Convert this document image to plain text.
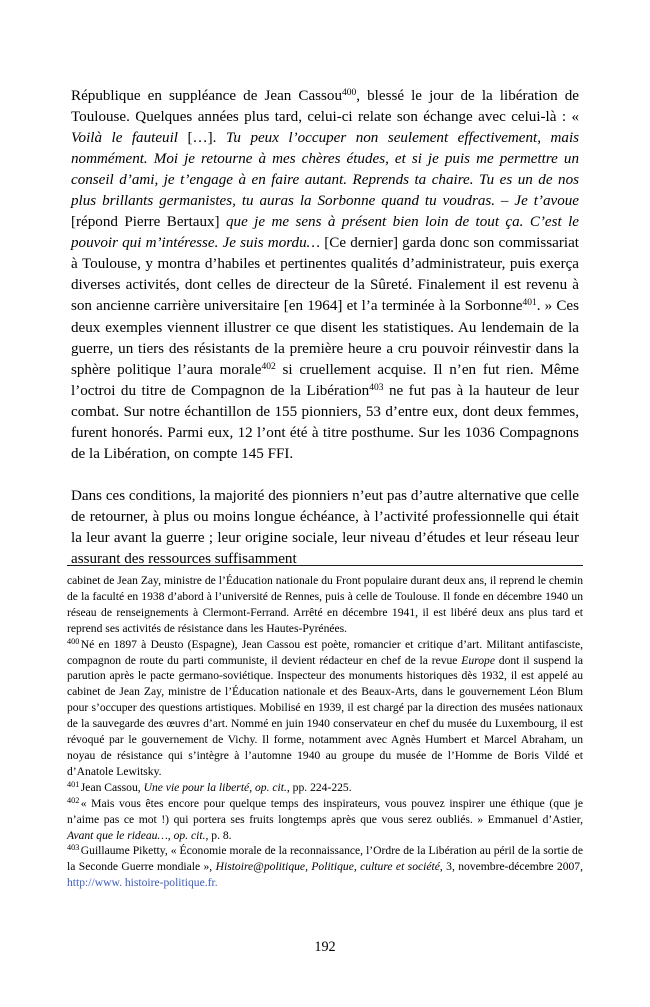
République en suppléance de Jean Cassou$^{400}$, blessé le jour de la libération de Toulouse. Quelques années plus tard, celui-ci relate son échange avec celui-là : « Voilà le fauteuil […]. Tu peux l’occuper non seulement effectivement, mais nommément. Moi je retourne à mes chères études, et si je puis me permettre un conseil d’ami, je t’engage à en faire autant. Reprends ta chaire. Tu es un de nos plus brillants germanistes, tu auras la Sorbonne quand tu voudras. – Je t’avoue [répond Pierre Bertaux] que je me sens à présent bien loin de tout ça. C’est le pouvoir qui m’intéresse. Je suis mordu… [Ce dernier] garda donc son commissariat à Toulouse, y montra d’habiles et pertinentes qualités d’administrateur, puis exerça diverses activités, dont celles de directeur de la Sûreté. Finalement il est revenu à son ancienne carrière universitaire [en 1964] et l’a terminée à la Sorbonne$^{401}$. » Ces deux exemples viennent illustrer ce que disent les statistiques. Au lendemain de la guerre, un tiers des résistants de la première heure a cru pouvoir réinvestir dans la sphère politique l’aura morale$^{402}$ si cruellement acquise. Il n’en fut rien. Même l’octroi du titre de Compagnon de la Libération$^{403}$ ne fut pas à la hauteur de leur combat. Sur notre échantillon de 155 pionniers, 53 d’entre eux, dont deux femmes, furent honorés. Parmi eux, 12 l’ont été à titre posthume. Sur les 1036 Compagnons de la Libération, on compte 145 FFI.

Dans ces conditions, la majorité des pionniers n’eut pas d’autre alternative que celle de retourner, à plus ou moins longue échéance, à l’activité professionnelle qui était la leur avant la guerre ; leur origine sociale, leur niveau d’études et leur réseau leur assurant des ressources suffisamment

cabinet de Jean Zay, ministre de l’Éducation nationale du Front populaire durant deux ans, il reprend le chemin de la faculté en 1938 d’abord à l’université de Rennes, puis à celle de Toulouse. Il fonde en décembre 1940 un réseau de renseignements à Clermont-Ferrand. Arrêté en décembre 1941, il est libéré deux ans plus tard et reprend ses activités de résistance dans les Hautes-Pyrénées.

$^{400}$ Né en 1897 à Deusto (Espagne), Jean Cassou est poète, romancier et critique d’art. Militant antifasciste, compagnon de route du parti communiste, il devient rédacteur en chef de la revue Europe dont il suspend la parution après le pacte germano-soviétique. Inspecteur des monuments historiques dès 1932, il est appelé au cabinet de Jean Zay, ministre de l’Éducation nationale et des Beaux-Arts, dans le gouvernement Léon Blum pour s’occuper des questions artistiques. Mobilisé en 1939, il est chargé par la direction des musées nationaux de la sauvegarde des œuvres d’art. Nommé en juin 1940 conservateur en chef du musée du Luxembourg, il est révoqué par le gouvernement de Vichy. Il forme, notamment avec Agnès Humbert et Marcel Abraham, un noyau de résistance qui s’intègre à l’automne 1940 au groupe du musée de l’Homme de Boris Vildé et d’Anatole Lewitsky.

$^{401}$ Jean Cassou, Une vie pour la liberté, op. cit., pp. 224-225.

$^{402}$ « Mais vous êtes encore pour quelque temps des inspirateurs, vous pouvez inspirer une éthique (que je n’aime pas ce mot !) qui portera ses fruits longtemps après que vous serez oubliés. » Emmanuel d’Astier, Avant que le rideau…, op. cit., p. 8.

$^{403}$ Guillaume Piketty, « Économie morale de la reconnaissance, l’Ordre de la Libération au péril de la sortie de la Seconde Guerre mondiale », Histoire@politique, Politique, culture et société, 3, novembre-décembre 2007, http://www. histoire-politique.fr.

192
